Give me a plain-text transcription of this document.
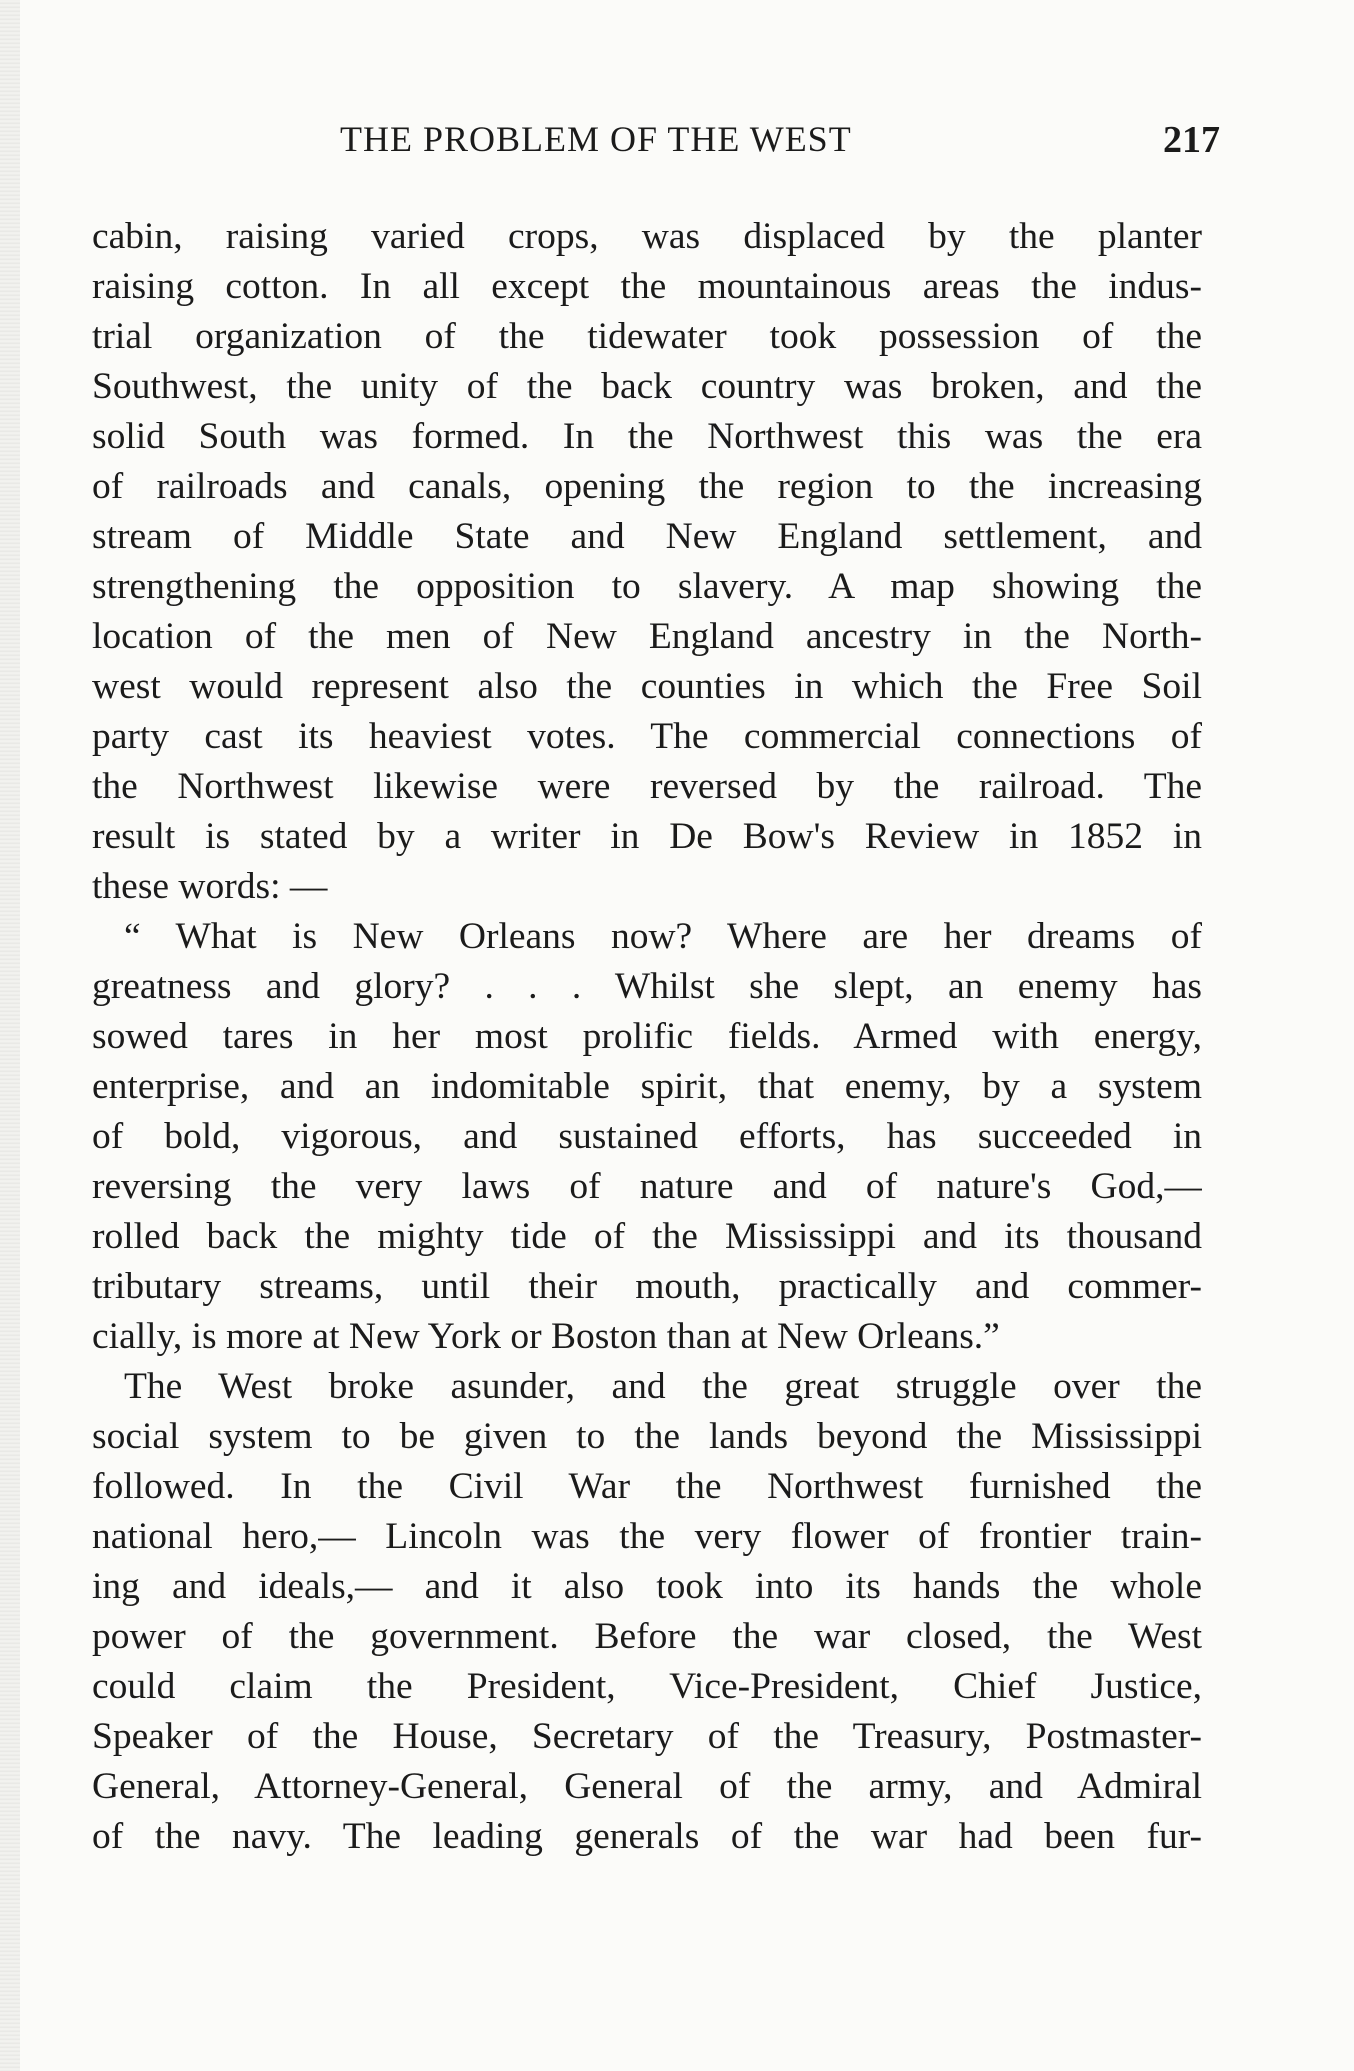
THE PROBLEM OF THE WEST	217
cabin, raising varied crops, was displaced by the planter
raising cotton. In all except the mountainous areas the indus-
trial organization of the tidewater took possession of the
Southwest, the unity of the back country was broken, and the
solid South was formed. In the Northwest this was the era
of railroads and canals, opening the region to the increasing
stream of Middle State and New England settlement, and
strengthening the opposition to slavery. A map showing the
location of the men of New England ancestry in the North-
west would represent also the counties in which the Free Soil
party cast its heaviest votes. The commercial connections of
the Northwest likewise were reversed by the railroad. The
result is stated by a writer in De Bow's Review in 1852 in
these words: —
“ What is New Orleans now? Where are her dreams of
greatness and glory? . . . Whilst she slept, an enemy has
sowed tares in her most prolific fields. Armed with energy,
enterprise, and an indomitable spirit, that enemy, by a system
of bold, vigorous, and sustained efforts, has succeeded in
reversing the very laws of nature and of nature's God,—
rolled back the mighty tide of the Mississippi and its thousand
tributary streams, until their mouth, practically and commer-
cially, is more at New York or Boston than at New Orleans.”
The West broke asunder, and the great struggle over the
social system to be given to the lands beyond the Mississippi
followed. In the Civil War the Northwest furnished the
national hero,— Lincoln was the very flower of frontier train-
ing and ideals,— and it also took into its hands the whole
power of the government. Before the war closed, the West
could claim the President, Vice-President, Chief Justice,
Speaker of the House, Secretary of the Treasury, Postmaster-
General, Attorney-General, General of the army, and Admiral
of the navy. The leading generals of the war had been fur-
